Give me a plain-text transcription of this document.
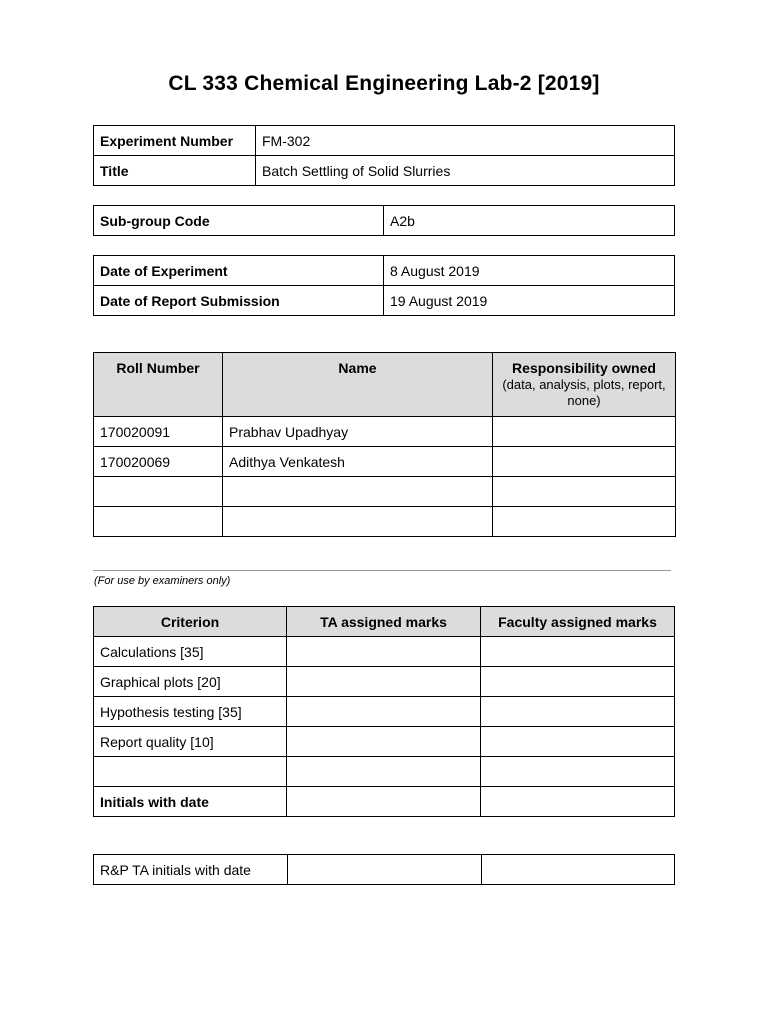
CL 333 Chemical Engineering Lab-2 [2019]
Experiment Number	FM-302
Title	Batch Settling of Solid Slurries
Sub-group Code	A2b
Date of Experiment	8 August 2019
Date of Report Submission	19 August 2019
Roll Number	Name	Responsibility owned
(data, analysis, plots, report, none)

170020091	Prabhav Upadhyay	
170020069	Adithya Venkatesh	

(For use by examiners only)
Criterion	TA assigned marks	Faculty assigned marks
Calculations [35]		
Graphical plots [20]		
Hypothesis testing [35]		
Report quality [10]		

Initials with date		
R&P TA initials with date		
